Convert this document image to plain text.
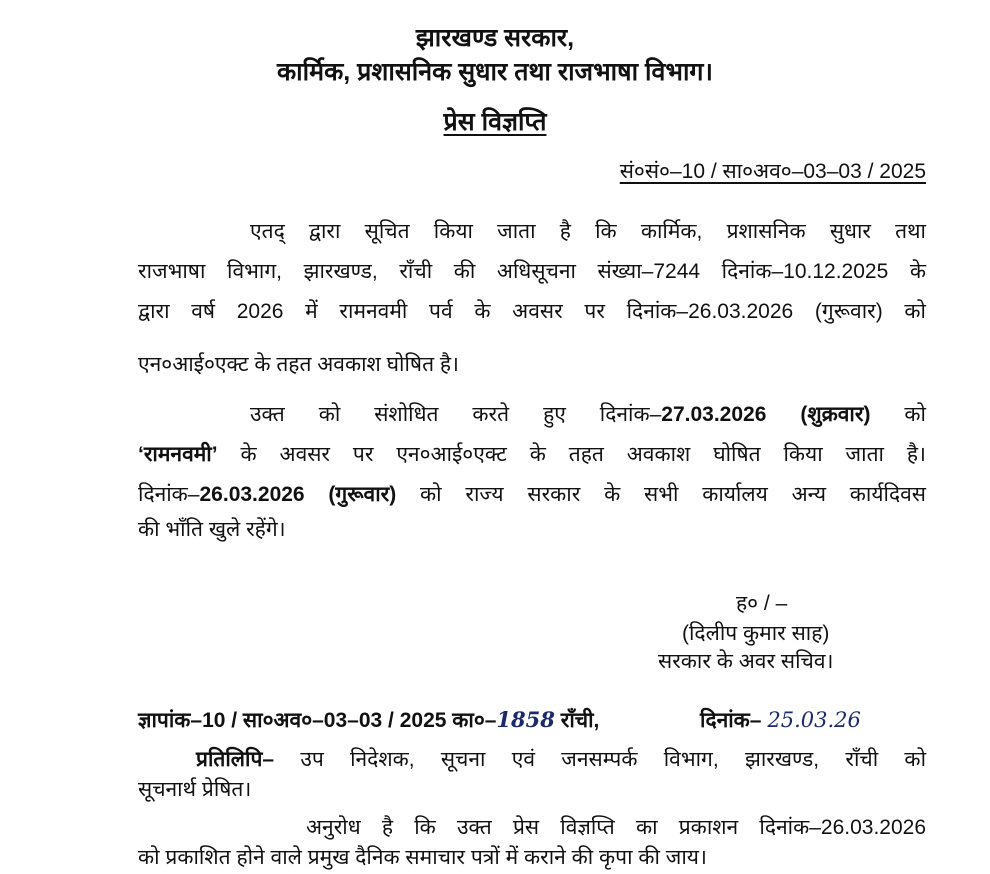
झारखण्ड सरकार,
कार्मिक, प्रशासनिक सुधार तथा राजभाषा विभाग।
प्रेस विज्ञप्ति
सं०सं०–10 / सा०अव०–03–03 / 2025
एतद् द्वारा सूचित किया जाता है कि कार्मिक, प्रशासनिक सुधार तथा
राजभाषा विभाग, झारखण्ड, राँची की अधिसूचना संख्या–7244 दिनांक–10.12.2025 के
द्वारा वर्ष 2026 में रामनवमी पर्व के अवसर पर दिनांक–26.03.2026 (गुरूवार) को
एन०आई०एक्ट के तहत अवकाश घोषित है।
उक्त को संशोधित करते हुए दिनांक–27.03.2026 (शुक्रवार) को
‘रामनवमी’ के अवसर पर एन०आई०एक्ट के तहत अवकाश घोषित किया जाता है।
दिनांक–26.03.2026 (गुरूवार) को राज्य सरकार के सभी कार्यालय अन्य कार्यदिवस
की भाँति खुले रहेंगे।
ह० / –
(दिलीप कुमार साह)
सरकार के अवर सचिव।
ज्ञापांक–10 / सा०अव०–03–03 / 2025 का०–1858 राँची,	दिनांक– 25.03.26
प्रतिलिपि– उप निदेशक, सूचना एवं जनसम्पर्क विभाग, झारखण्ड, राँची को
सूचनार्थ प्रेषित।
अनुरोध है कि उक्त प्रेस विज्ञप्ति का प्रकाशन दिनांक–26.03.2026
को प्रकाशित होने वाले प्रमुख दैनिक समाचार पत्रों में कराने की कृपा की जाय।
